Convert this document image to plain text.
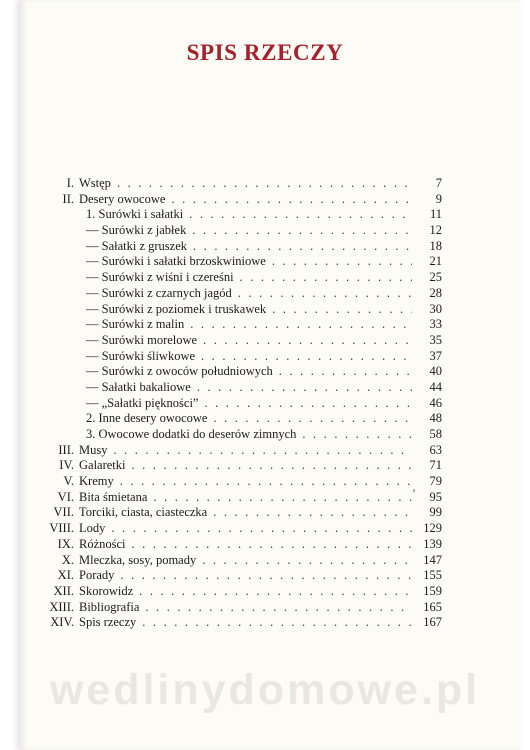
SPIS RZECZY
I. Wstęp . . .	7
II. Desery owocowe . . .	9
1. Surówki i sałatki . . .	11
— Surówki z jabłek . . .	12
— Sałatki z gruszek . . .	18
— Surówki i sałatki brzoskwiniowe . . .	21
— Surówki z wiśni i czereśni . . .	25
— Surówki z czarnych jagód . . .	28
— Surówki z poziomek i truskawek . . .	30
— Surówki z malin . . .	33
— Surówki morelowe . . .	35
— Surówki śliwkowe . . .	37
— Surówki z owoców południowych . . .	40
— Sałatki bakaliowe . . .	44
— „Sałatki piękności” . . .	46
2. Inne desery owocowe . . .	48
3. Owocowe dodatki do deserów zimnych . . .	58
III. Musy . . .	63
IV. Galaretki . . .	71
V. Kremy . . .	79
VI. Bita śmietana . . .	95
VII. Torciki, ciasta, ciasteczka . . .	99
VIII. Lody . . .	129
IX. Różności . . .	139
X. Mleczka, sosy, pomady . . .	147
XI. Porady . . .	155
XII. Skorowidz . . .	159
XIII. Bibliografia . . .	165
XIV. Spis rzeczy . . .	167
’
wedlinydomowe.pl
